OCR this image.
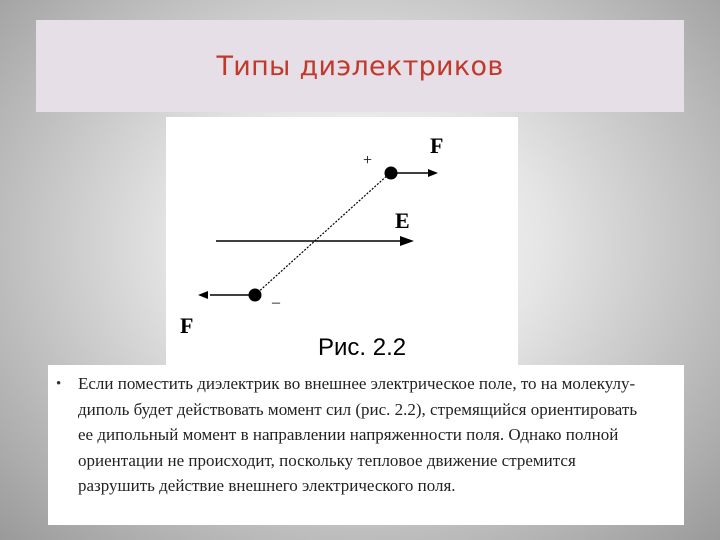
Типы диэлектриков
+
–
F
E
F
Рис. 2.2
• Если поместить диэлектрик во внешнее электрическое поле, то на молекулу-диполь будет действовать момент сил (рис. 2.2), стремящийся ориентировать ее дипольный момент в направлении напряженности поля. Однако полной ориентации не происходит, поскольку тепловое движение стремится разрушить действие внешнего электрического поля.
